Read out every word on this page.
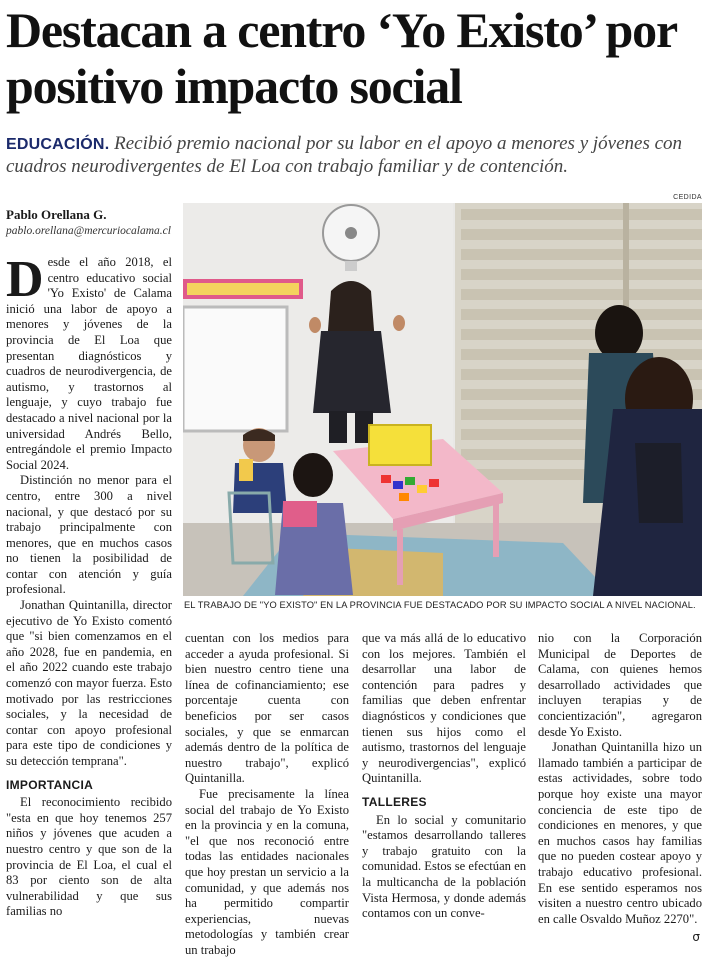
Destacan a centro ‘Yo Existo’ por positivo impacto social

EDUCACIÓN. Recibió premio nacional por su labor en el apoyo a menores y jóvenes con cuadros neurodivergentes de El Loa con trabajo familiar y de contención.

Pablo Orellana G.
pablo.orellana@mercuriocalama.cl
CEDIDA
EL TRABAJO DE "YO EXISTO" EN LA PROVINCIA FUE DESTACADO POR SU IMPACTO SOCIAL A NIVEL NACIONAL.

Desde el año 2018, el centro educativo social 'Yo Existo' de Calama inició una labor de apoyo a menores y jóvenes de la provincia de El Loa que presentan diagnósticos y cuadros de neurodivergencia, de autismo, y trastornos al lenguaje, y cuyo trabajo fue destacado a nivel nacional por la universidad Andrés Bello, entregándole el premio Impacto Social 2024.

Distinción no menor para el centro, entre 300 a nivel nacional, y que destacó por su trabajo principalmente con menores, que en muchos casos no tienen la posibilidad de contar con atención y guía profesional.

Jonathan Quintanilla, director ejecutivo de Yo Existo comentó que "si bien comenzamos en el año 2028, fue en pandemia, en el año 2022 cuando este trabajo comenzó con mayor fuerza. Esto motivado por las restricciones sociales, y la necesidad de contar con apoyo profesional para este tipo de condiciones y su detección temprana".

IMPORTANCIA

El reconocimiento recibido "esta en que hoy tenemos 257 niños y jóvenes que acuden a nuestro centro y que son de la provincia de El Loa, el cual el 83 por ciento son de alta vulnerabilidad y que sus familias no

cuentan con los medios para acceder a ayuda profesional. Si bien nuestro centro tiene una línea de cofinanciamiento; ese porcentaje cuenta con beneficios por ser casos sociales, y que se enmarcan además dentro de la política de nuestro trabajo", explicó Quintanilla.

Fue precisamente la línea social del trabajo de Yo Existo en la provincia y en la comuna, "el que nos reconoció entre todas las entidades nacionales que hoy prestan un servicio a la comunidad, y que además nos ha permitido compartir experiencias, nuevas metodologías y también crear un trabajo

que va más allá de lo educativo con los mejores. También el desarrollar una labor de contención para padres y familias que deben enfrentar diagnósticos y condiciones que tienen sus hijos como el autismo, trastornos del lenguaje y neurodivergencias", explicó Quintanilla.

TALLERES

En lo social y comunitario "estamos desarrollando talleres y trabajo gratuito con la comunidad. Estos se efectúan en la multicancha de la población Vista Hermosa, y donde además contamos con un conve-

nio con la Corporación Municipal de Deportes de Calama, con quienes hemos desarrollado actividades que incluyen terapias y de concientización", agregaron desde Yo Existo.

Jonathan Quintanilla hizo un llamado también a participar de estas actividades, sobre todo porque hoy existe una mayor conciencia de este tipo de condiciones en menores, y que en muchos casos hay familias que no pueden costear apoyo y trabajo educativo profesional. En ese sentido esperamos nos visiten a nuestro centro ubicado en calle Osvaldo Muñoz 2270".

σ
